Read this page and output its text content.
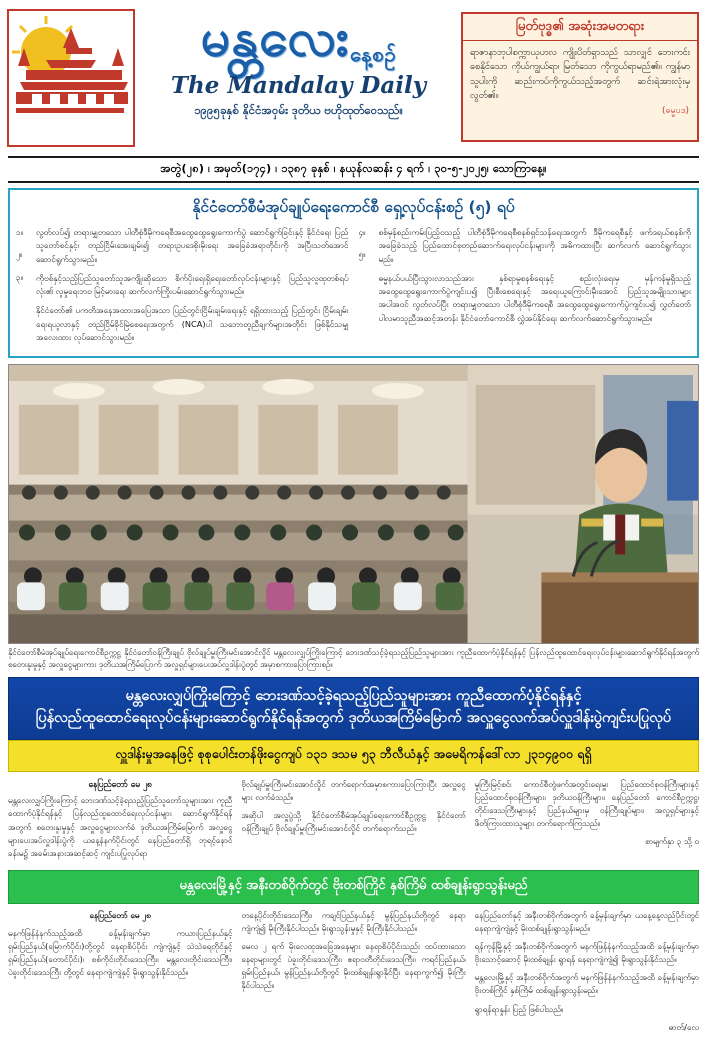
မန္တလေးနေ့စဉ်
The Mandalay Daily
၁၉၉၅ခုနှစ် နိုင်ငံအဝှမ်း ဒုတိယ ဗဟိုထုတ်ဝေသည်။
မြတ်ဗုဒ္ဓ၏ အဆုံးအမတရား
ရာဇာနာဘုပါစက္ကာယုဟလ ကျိုးပိတ်ရှာသည် သာလျှင် ဘေးကင်းစေနိုင်သော ကိုယ်ကျွယ်ရာ၊ မြတ်သော ကိုကွယ်ရာမည်၏။ ကျွန်မာသူပါးကို ဆည်းကပ်ကိုကွယ်သည့်အတွက် ဆင်းရဲအားလုံးမှ လွတ်၏။
(ဓမ္မပဒ)
အတွဲ(၂၈) ၊ အမှတ်(၁၇၄) ၊ ၁၃၈၇ ခုနှစ် ၊ နယုန်လဆန်း ၄ ရက် ၊ ၃၀-၅-၂၀၂၅၊ သောကြာနေ့။
နိုင်ငံတော်စီမံအုပ်ချုပ်ရေးကောင်စီ ရှေ့လုပ်ငန်းစဉ် (၅) ရပ်
၁။
၂။
၃။

လွတ်လပ်၍ တရားမျှတသော ပါတီစုံဒီမိုကရေစီအထွေထွေရွေးကောက်ပွဲ ဆောင်ရွက်ခြင်းနှင့် နိုင်ငံရေး ပြည်သူတော်စင်နှင့်၊ တည်ငြိမ်းအေးချမ်း၍ တရားဥပဒေစိုးမိုးရေး အခြေခံအရာတိုင်းကို အပြီးသတ်အောင် ဆောင်ရွက်သွားမည်။

ကိုဗစ်နှင့်သည့်ပြည်သူတော်သူအကျိုးဆိုသော စိက်ပိုးရေးရှိရေးတော်လုပ်ငန်းများနှင့် ပြည်သူလူထုတစ်ရပ်လုံး၏ လူမှုရေးဘဝ မြင့်မားရေး ဆက်လက်ကြိုးပမ်းဆောင်ရွက်သွားမည်။

နိုင်ငံတော်၏ ပကတိအနေအထားအပြေအသာ ပြည်တွင်းငြိမ်းချမ်းရေးနှင့် ရရှိထားသည့် ပြည်တွင်း ငြိမ်းချမ်းရေးရယူလာနှင့် တည်ငြိမ်ခိုင်မြဲစေရေးအတွက် (NCA)ပါ သဘောတူညီချက်များအတိုင်း ဖြစ်နိုင်သမျှ အလေးထား လုပ်ဆောင်သွားမည်။

၄။
၅။

စစ်မှန်စည်းကမ်းပြည့်ဝသည့် ပါတီစုံဒီမိုကရေစီစနစ်ရှင်သန်ရေးအတွက် ဒီမိုကရေစီနှင့် ဖက်ဒရယ်စနစ်ကို အခြေခံသည့် ပြည်ထောင်စုတည်ဆောက်ရေးလုပ်ငန်းများကို အဓိကထားပြီး ဆက်လက် ဆောင်ရွက်သွားမည်။

ဓမ္မနယ်ပယ်ပြီးသွားလာသည်အား နှစ်ရာမှုစနစ်ရေးနှင့် စည်းလုံးရေးမှ မှန်ကန်မှုရှိသည့် အထွေထွေရွေးကောက်ပွဲကျင်းပ၍ ပြီးစီးစေရေးနှင့် အရေးယူကြောင်းမှီးအောင် ပြည်သူအမျိုးသားများ အပါအဝင် လွတ်လပ်ပြီး တရားမျှတသော ပါတီစုံဒီမိုကရေစီ အထွေထွေရွေးကောက်ပွဲကျင်းပ၍ လွှတ်တော်ပါလမာသူညီအဆင့်အတန်း နိုင်ငံတော်ကောင်စီ လွှဲအပ်နိုင်ရေး ဆက်လက်ဆောင်ရွက်သွားမည်။

နိုင်ငံတော်စီမံအုပ်ချုပ်ရေးကောင်စီဥက္ကဋ္ဌ နိုင်ငံတော်ဝန်ကြီးချုပ် ဗိုလ်ချုပ်မှူးကြီးမင်းအောင်လှိုင် မန္တလေးလျှပ်ကြိုးကြောင့် ဘေးဒဏ်သင့်ခဲ့ရသည့်ပြည်သူများအား ကူညီထောက်ပံ့နိုင်ရန်နှင့် ပြန်လည်ထူထောင်ရေးလုပ်ငန်းများဆောင်ရွက်နိုင်ရန်အတွက် စတေးနူးမှုနှင့် အလှူငွေများကား ဒုတိယအကြိမ်ပြောက် အလှူရှင်များပေးအပ်လှူဒါန်းပွဲတွင် အမှာစကားပြောကြားစဉ်။
မန္တလေးလျှပ်ကြိုးကြောင့် ဘေးဒဏ်သင့်ခဲ့ရသည့်ပြည်သူများအား ကူညီထောက်ပံ့နိုင်ရန်နှင့်
ပြန်လည်ထူထောင်ရေးလုပ်ငန်းများဆောင်ရွက်နိုင်ရန်အတွက် ဒုတိယအကြိမ်မြောက် အလှူငွေလက်အပ်လှူဒါန်းပွဲကျင်းပပြုလုပ်
လှူဒါန်းမှုအနေဖြင့် စုစုပေါင်းတန်ဖိုးငွေကျပ် ၁၃၁ ဒသမ ၅၃ ဘီလီယံနှင့် အမေရိကန်ဒေါ်လာ ၂၃၁၄၉၀၀ ရရှိ
နေပြည်တော် မေ ၂၈

မန္တလေးလျှပ်ကြိုးကြောင့် ဘေးဒဏ်သင့်ခဲ့ရသည့်ပြည်သူတော်သူများအား ကူညီထောက်ပံ့နိုင်ရန်နှင့် ပြန်လည်ထူထောင်ရေးလုပ်ငန်းများ ဆောင်ရွက်နိုင်ရန်အတွက် စတေးနူးမှုနှင့် အလှူငွေများလက်ခံ ဒုတိယအကြိမ်မြောက် အလှူငွေများပေးအပ်လှူဒါန်းပွဲကို ယနေ့နံနက်ပိုင်းတွင် နေပြည်တော်ရှိ ဘုရင့်နောင်ခန်းမ၌ အခမ်းအနားအဆင့်ဆင့် ကျင်းပပြုလုပ်ရာ

ဗိုလ်ချုပ်မှူးကြီးမင်းအောင်လှိုင် တက်ရောက်အမှာစကားပြောကြားပြီး အလှူငွေများ လက်ခံသည်။

အဆိုပါ အလှူပွဲသို့ နိုင်ငံတော်စီမံအုပ်ချုပ်ရေးကောင်စီဥက္ကဋ္ဌ နိုင်ငံတော်ဝန်ကြီးချုပ် ဗိုလ်ချုပ်မှူးကြီးမင်းအောင်လှိုင် တက်ရောက်သည်။

မှုကြီးမြင့်စင်၊ ကောင်စီတွဲဖက်အတွင်းရေးမှူး ပြည်ထောင်စုဝန်ကြီးများနှင့် ပြည်ထောင်စုဝန်ကြီးများ၊ ဒုတိယဝန်ကြီးများ၊ နေပြည်တော် ကောင်စီဥက္ကဋ္ဌ၊ တိုင်းဒေသကြီးများနှင့် ပြည်နယ်များမှ ဝန်ကြီးချုပ်များ၊ အလှူရှင်များနှင့် ဖိတ်ကြားထားသူများ တက်ရောက်ကြသည်။

စာမျက်နှာ ၃ သို့ ၀

မန္တလေးမြို့နှင့် အနီးတစ်ဝိုက်တွင် ဗိုးတစ်ကြိုင် နှစ်ကြိမ် ထစ်ချုန်းရွာသွန်းမည်

နေပြည်တော် မေ ၂၈

မနက်ဖြန်နံနက်သည့်အထိ ခန့်မှန်းချက်မှာ ကယားပြည်နယ်နှင့် ရှမ်းပြည်နယ်(မြောက်ပိုင်း)တို့တွင် နေရာစိပ်ပိုင်း ကျဲကျဲနှင့် သဲသဲရေတိုင်နှင့် ရှမ်းပြည်နယ်(တောင်ပိုင်း)၊ စစ်ကိုင်းတိုင်းဒေသကြီး၊ မန္တလေးတိုင်းဒေသကြီး၊ ပဲခူးတိုင်းဒေသကြီး တို့တွင် နေရာကျဲကျဲနှင့် မိုးရွာသွန်းနိုင်သည်။

တနေ့ပိုင်းတိုင်းဒေသကြီး၊ ကချင်ပြည်နယ်နှင့် မွန်ပြည်နယ်တို့တွင် နေရာကျဲကျဲ၍ မိုးကြီးနိုင်ပါသည်။ မိုးရွာသွန်းမှုနှင့် မိုးကြီးနိုင်ပါသည်။

မေလ ၂ ရက် မိုးလေထုအခြေအနေများ နေရာစိပ်ပိုင်းသည်း ထပ်ထားသောနေရာများတွင် ပဲခူးတိုင်းဒေသကြီး၊ ဧရာဝတီတိုင်းဒေသကြီး၊ ကရင်ပြည်နယ်၊ ရှမ်းပြည်နယ်၊ မွန်ပြည်နယ်တို့တွင် မိုးထစ်ချုန်းရွာနိုင်ပြီး နေရာကွက်၍ မိုးကြီးနိုင်ပါသည်။

နေပြည်တော်နှင့် အနီးတစ်ဝိုက်အတွက် ခန့်မှန်းချက်မှာ ယနေ့နေ့လည်ပိုင်းတွင် နေရာကျဲကျဲနှင့် မိုးထစ်ချုန်းရွာသွန်းမည်။

ရန်ကုန်မြို့နှင့် အနီးတစ်ဝိုက်အတွက် မနက်ဖြန်နံနက်သည့်အထိ ခန့်မှန်းချက်မှာ ဗိုးသောင့်ဆောင့် မိုးထစ်ချုန်း ရွာရန် နေရာကျဲကျဲ၍ မိုးရွာသွန်းနိုင်သည်။

မန္တလေးမြို့နှင့် အနီးတစ်ဝိုက်အတွက် မနက်ဖြန်နံနက်သည့်အထိ ခန့်မှန်းချက်မှာ ဗိုးတစ်ကြိုင် နှစ်ကြိမ် ထစ်ချုန်းရွာသွန်းမည်။

ရွာရန်ရာနှုန်း ပြည့် ဖြစ်ပါသည်။

ဓာတ်/လေ
